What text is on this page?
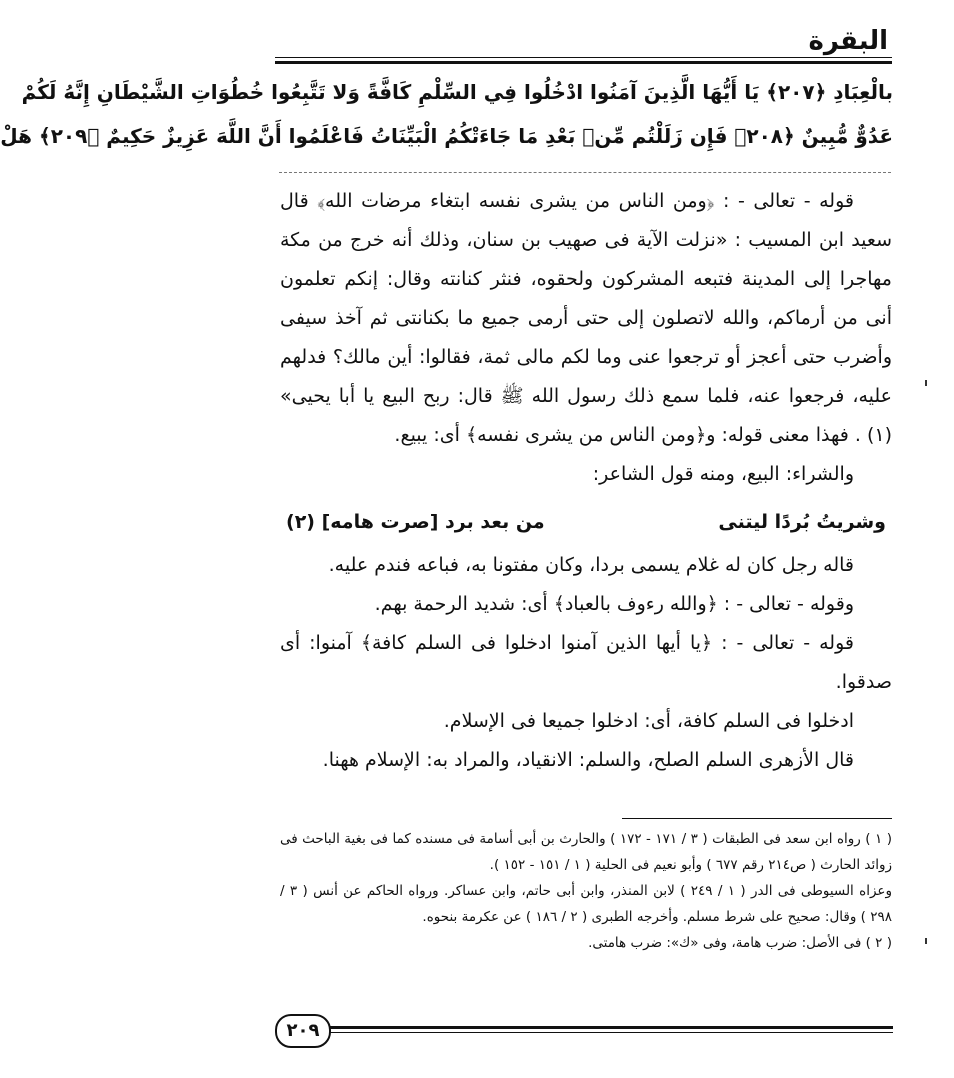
البقرة
بالْعِبَادِ ﴿٢٠٧﴾ يَا أَيُّهَا الَّذِينَ آمَنُوا ادْخُلُوا فِي السِّلْمِ كَافَّةً وَلا تَتَّبِعُوا خُطُوَاتِ الشَّيْطَانِ إِنَّهُ لَكُمْ
عَدُوٌّ مُّبِينٌ ﴿٢٠٨﴾ فَإِن زَلَلْتُم مِّنۢ بَعْدِ مَا جَاءَتْكُمُ الْبَيِّنَاتُ فَاعْلَمُوا أَنَّ اللَّهَ عَزِيزٌ حَكِيمٌ ﴿٢٠٩﴾ هَلْ

قوله - تعالى - : ﴿ومن الناس من يشرى نفسه ابتغاء مرضات الله﴾ قال سعيد ابن المسيب : «نزلت الآية فى صهيب بن سنان، وذلك أنه خرج من مكة مهاجرا إلى المدينة فتبعه المشركون ولحقوه، فنثر كنانته وقال: إنكم تعلمون أنى من أرماكم، والله لاتصلون إلى حتى أرمى جميع ما بكنانتى ثم آخذ سيفى وأضرب حتى أعجز أو ترجعوا عنى وما لكم مالى ثمة، فقالوا: أين مالك؟ فدلهم عليه، فرجعوا عنه، فلما سمع ذلك رسول الله ﷺ قال: ربح البيع يا أبا يحيى» (١) . فهذا معنى قوله: و﴿ومن الناس من يشرى نفسه﴾ أى: يبيع.

والشراء: البيع، ومنه قول الشاعر:

وشريتُ بُردًا ليتنى
من بعد برد [صرت هامه] (٢)

قاله رجل كان له غلام يسمى بردا، وكان مفتونا به، فباعه فندم عليه.

وقوله - تعالى - : ﴿والله رءوف بالعباد﴾ أى: شديد الرحمة بهم.

قوله - تعالى - : ﴿يا أيها الذين آمنوا ادخلوا فى السلم كافة﴾ آمنوا: أى صدقوا.

ادخلوا فى السلم كافة، أى: ادخلوا جميعا فى الإسلام.

قال الأزهرى السلم الصلح، والسلم: الانقياد، والمراد به: الإسلام ههنا.

( ١ ) رواه ابن سعد فى الطبقات ( ٣ / ١٧١ - ١٧٢ ) والحارث بن أبى أسامة فى مسنده كما فى بغية الباحث فى زوائد الحارث ( ص٢١٤ رقم ٦٧٧ ) وأبو نعيم فى الحلية ( ١ / ١٥١ - ١٥٢ ).

وعزاه السيوطى فى الدر ( ١ / ٢٤٩ ) لابن المنذر، وابن أبى حاتم، وابن عساكر. ورواه الحاكم عن أنس ( ٣ / ٢٩٨ ) وقال: صحيح على شرط مسلم. وأخرجه الطبرى ( ٢ / ١٨٦ ) عن عكرمة بنحوه.

( ٢ ) فى الأصل: ضرب هامة، وفى «ك»: ضرب هامتى.

٢٠٩
